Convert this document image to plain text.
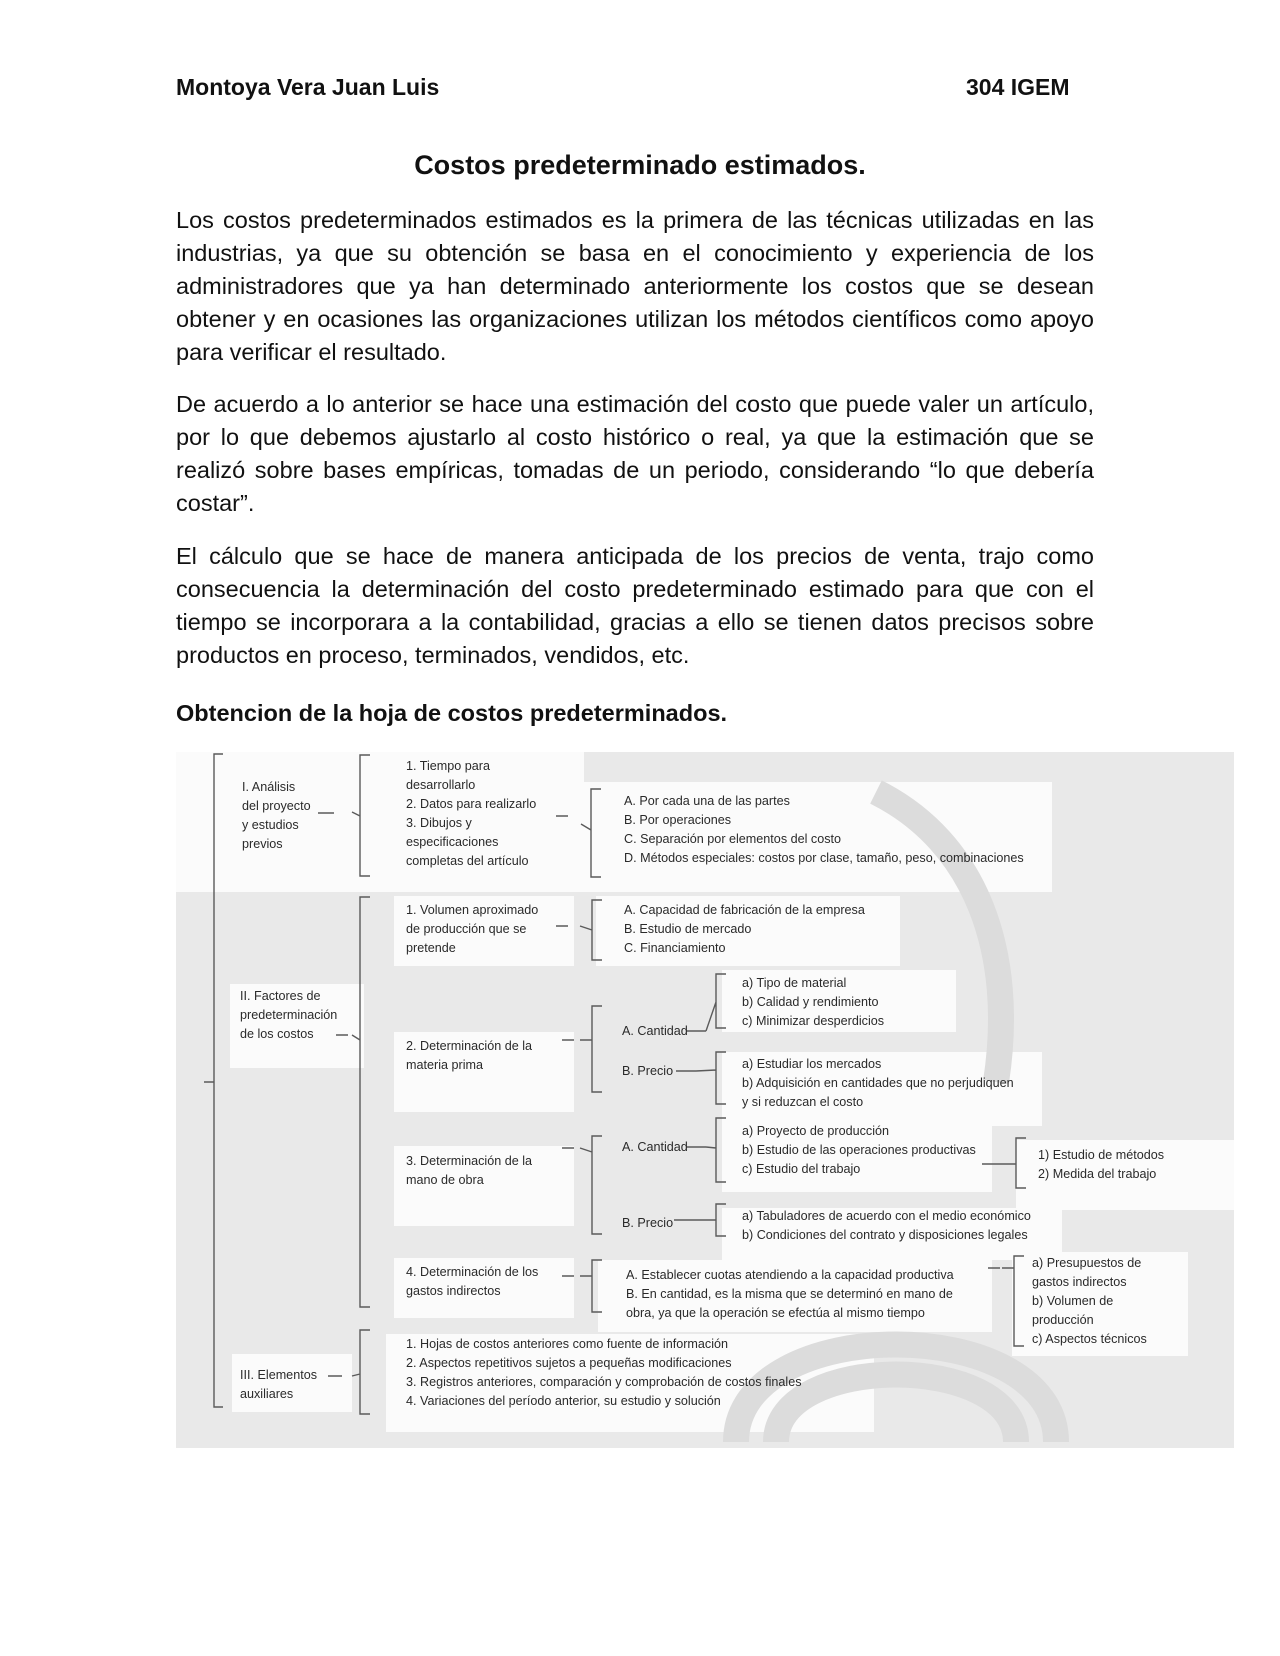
Montoya Vera Juan Luis	304 IGEM
Costos predeterminado estimados.

Los costos predeterminados estimados es la primera de las técnicas utilizadas en las industrias, ya que su obtención se basa en el conocimiento y experiencia de los administradores que ya han determinado anteriormente los costos que se desean obtener y en ocasiones las organizaciones utilizan los métodos científicos como apoyo para verificar el resultado.

De acuerdo a lo anterior se hace una estimación del costo que puede valer un artículo, por lo que debemos ajustarlo al costo histórico o real, ya que la estimación que se realizó sobre bases empíricas, tomadas de un periodo, considerando “lo que debería costar”.

El cálculo que se hace de manera anticipada de los precios de venta, trajo como consecuencia la determinación del costo predeterminado estimado para que con el tiempo se incorporara a la contabilidad, gracias a ello se tienen datos precisos sobre productos en proceso, terminados, vendidos, etc.

Obtencion de la hoja de costos predeterminados.
I. Análisis
del proyecto
y estudios
previos
1. Tiempo para
desarrollarlo
2. Datos para realizarlo
3. Dibujos y
especificaciones
completas del artículo
A. Por cada una de las partes
B. Por operaciones
C. Separación por elementos del costo
D. Métodos especiales: costos por clase, tamaño, peso, combinaciones
II. Factores de
predeterminación
de los costos
1. Volumen aproximado
de producción que se
pretende
A. Capacidad de fabricación de la empresa
B. Estudio de mercado
C. Financiamiento
2. Determinación de la
materia prima
A. Cantidad
a) Tipo de material
b) Calidad y rendimiento
c) Minimizar desperdicios
B. Precio	a) Estudiar los mercados
b) Adquisición en cantidades que no perjudiquen
y si reduzcan el costo
3. Determinación de la
mano de obra
A. Cantidad
a) Proyecto de producción
b) Estudio de las operaciones productivas
c) Estudio del trabajo
1) Estudio de métodos
2) Medida del trabajo
B. Precio	a) Tabuladores de acuerdo con el medio económico
b) Condiciones del contrato y disposiciones legales
4. Determinación de los
gastos indirectos
A. Establecer cuotas atendiendo a la capacidad productiva
B. En cantidad, es la misma que se determinó en mano de
obra, ya que la operación se efectúa al mismo tiempo
a) Presupuestos de
gastos indirectos
b) Volumen de
producción
c) Aspectos técnicos
III. Elementos
auxiliares
1. Hojas de costos anteriores como fuente de información
2. Aspectos repetitivos sujetos a pequeñas modificaciones
3. Registros anteriores, comparación y comprobación de costos finales
4. Variaciones del período anterior, su estudio y solución
